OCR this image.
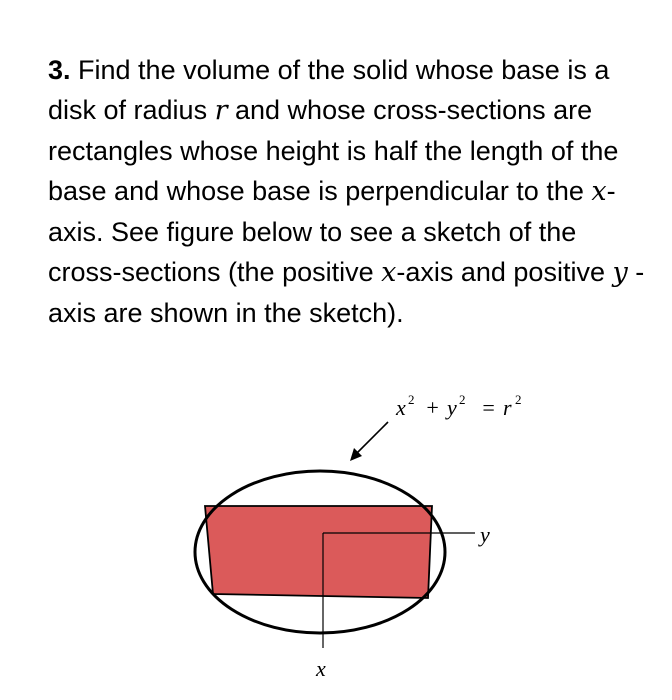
3. Find the volume of the solid whose base is a disk of radius r and whose cross-sections are rectangles whose height is half the length of the base and whose base is perpendicular to the x-axis. See figure below to see a sketch of the cross-sections (the positive x-axis and positive y -axis are shown in the sketch).
x 2 + y 2 = r 2
y
x
